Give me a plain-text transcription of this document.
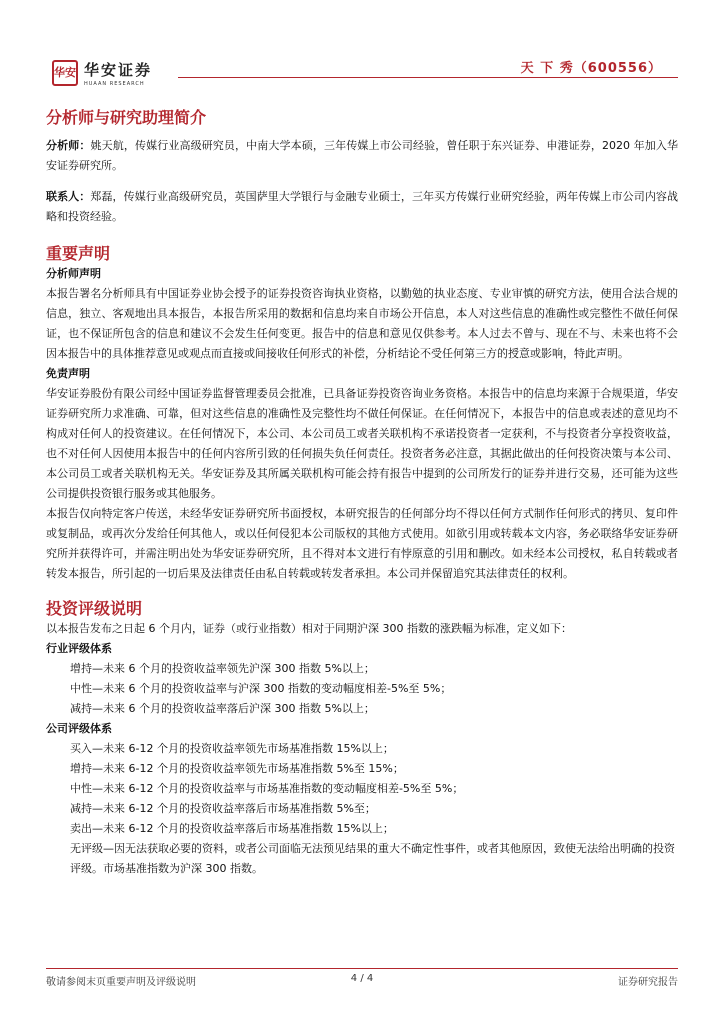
华安 华安证券
HUAAN RESEARCH
天 下 秀（600556）
分析师与研究助理简介

分析师：姚天航，传媒行业高级研究员，中南大学本硕，三年传媒上市公司经验，曾任职于东兴证券、申港证券，2020 年加入华安证券研究所。

联系人：郑磊，传媒行业高级研究员，英国萨里大学银行与金融专业硕士，三年买方传媒行业研究经验，两年传媒上市公司内容战略和投资经验。

重要声明
分析师声明

本报告署名分析师具有中国证券业协会授予的证券投资咨询执业资格，以勤勉的执业态度、专业审慎的研究方法，使用合法合规的信息，独立、客观地出具本报告，本报告所采用的数据和信息均来自市场公开信息，本人对这些信息的准确性或完整性不做任何保证，也不保证所包含的信息和建议不会发生任何变更。报告中的信息和意见仅供参考。本人过去不曾与、现在不与、未来也将不会因本报告中的具体推荐意见或观点而直接或间接收任何形式的补偿，分析结论不受任何第三方的授意或影响，特此声明。

免责声明

华安证券股份有限公司经中国证券监督管理委员会批准，已具备证券投资咨询业务资格。本报告中的信息均来源于合规渠道，华安证券研究所力求准确、可靠，但对这些信息的准确性及完整性均不做任何保证。在任何情况下，本报告中的信息或表述的意见均不构成对任何人的投资建议。在任何情况下，本公司、本公司员工或者关联机构不承诺投资者一定获利，不与投资者分享投资收益，也不对任何人因使用本报告中的任何内容所引致的任何损失负任何责任。投资者务必注意，其据此做出的任何投资决策与本公司、本公司员工或者关联机构无关。华安证券及其所属关联机构可能会持有报告中提到的公司所发行的证券并进行交易，还可能为这些公司提供投资银行服务或其他服务。

本报告仅向特定客户传送，未经华安证券研究所书面授权，本研究报告的任何部分均不得以任何方式制作任何形式的拷贝、复印件或复制品，或再次分发给任何其他人，或以任何侵犯本公司版权的其他方式使用。如欲引用或转载本文内容，务必联络华安证券研究所并获得许可，并需注明出处为华安证券研究所，且不得对本文进行有悖原意的引用和删改。如未经本公司授权，私自转载或者转发本报告，所引起的一切后果及法律责任由私自转载或转发者承担。本公司并保留追究其法律责任的权利。

投资评级说明

以本报告发布之日起 6 个月内，证券（或行业指数）相对于同期沪深 300 指数的涨跌幅为标准，定义如下：

行业评级体系
增持—未来 6 个月的投资收益率领先沪深 300 指数 5%以上；
中性—未来 6 个月的投资收益率与沪深 300 指数的变动幅度相差-5%至 5%；
减持—未来 6 个月的投资收益率落后沪深 300 指数 5%以上；
公司评级体系
买入—未来 6-12 个月的投资收益率领先市场基准指数 15%以上；
增持—未来 6-12 个月的投资收益率领先市场基准指数 5%至 15%；
中性—未来 6-12 个月的投资收益率与市场基准指数的变动幅度相差-5%至 5%；
减持—未来 6-12 个月的投资收益率落后市场基准指数 5%至；
卖出—未来 6-12 个月的投资收益率落后市场基准指数 15%以上；
无评级—因无法获取必要的资料，或者公司面临无法预见结果的重大不确定性事件，或者其他原因，致使无法给出明确的投资评级。市场基准指数为沪深 300 指数。
敬请参阅末页重要声明及评级说明	4 / 4	证券研究报告
